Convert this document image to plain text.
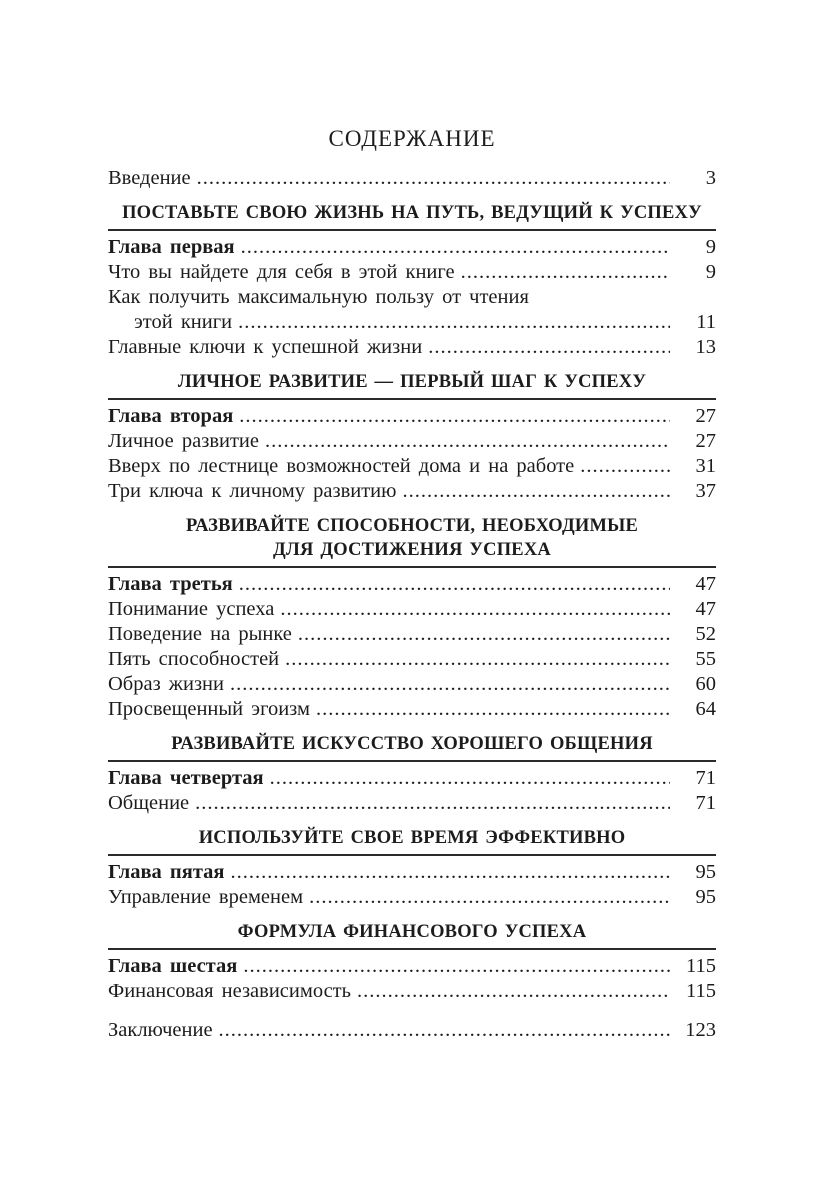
СОДЕРЖАНИЕ
Введение .....	3
ПОСТАВЬТЕ СВОЮ ЖИЗНЬ НА ПУТЬ, ВЕДУЩИЙ К УСПЕХУ
Глава первая .....	9
Что вы найдете для себя в этой книге .....	9
Как получить максимальную пользу от чтения
этой книги .....	11
Главные ключи к успешной жизни .....	13
ЛИЧНОЕ РАЗВИТИЕ — ПЕРВЫЙ ШАГ К УСПЕХУ
Глава вторая .....	27
Личное развитие .....	27
Вверх по лестнице возможностей дома и на работе .....	31
Три ключа к личному развитию .....	37
РАЗВИВАЙТЕ СПОСОБНОСТИ, НЕОБХОДИМЫЕ
ДЛЯ ДОСТИЖЕНИЯ УСПЕХА
Глава третья .....	47
Понимание успеха .....	47
Поведение на рынке .....	52
Пять способностей .....	55
Образ жизни .....	60
Просвещенный эгоизм .....	64
РАЗВИВАЙТЕ ИСКУССТВО ХОРОШЕГО ОБЩЕНИЯ
Глава четвертая .....	71
Общение .....	71
ИСПОЛЬЗУЙТЕ СВОЕ ВРЕМЯ ЭФФЕКТИВНО
Глава пятая .....	95
Управление временем .....	95
ФОРМУЛА ФИНАНСОВОГО УСПЕХА
Глава шестая .....	115
Финансовая независимость .....	115
Заключение .....	123
